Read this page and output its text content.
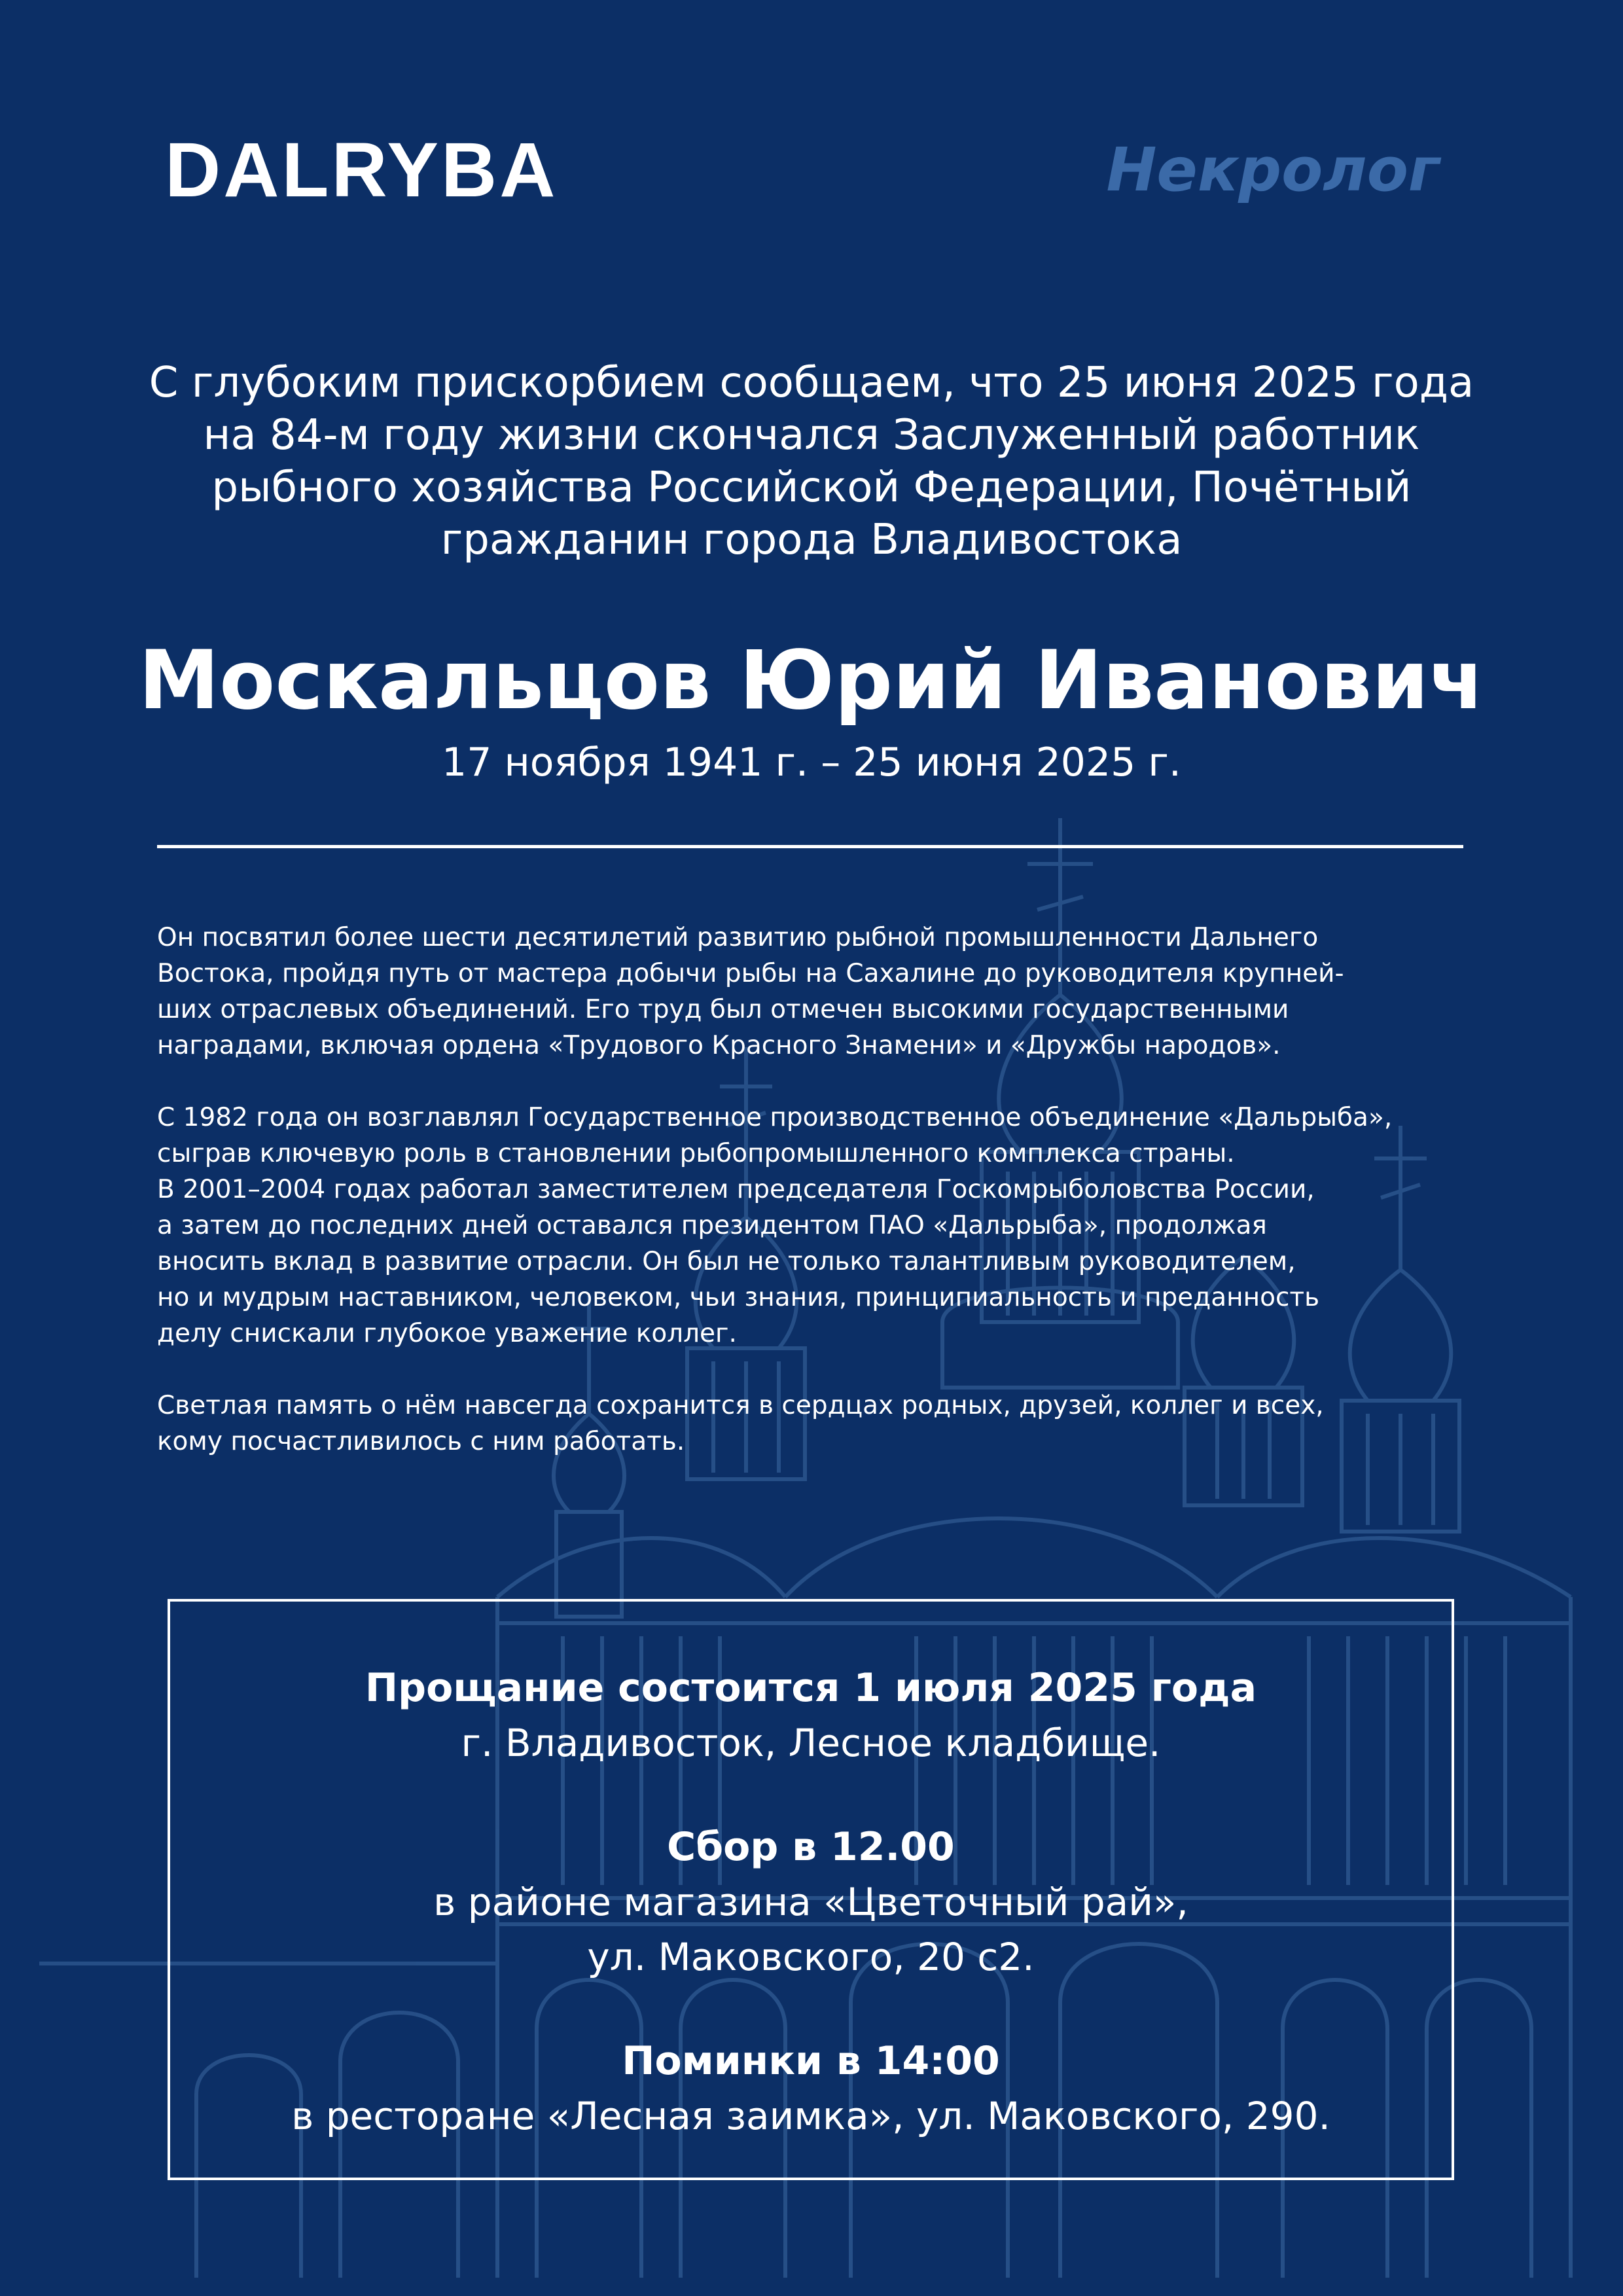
DALRYBA	Некролог
С глубоким прискорбием сообщаем, что 25 июня 2025 года
на 84-м году жизни скончался Заслуженный работник
рыбного хозяйства Российской Федерации, Почётный
гражданин города Владивостока
Москальцов Юрий Иванович
17 ноября 1941 г. – 25 июня 2025 г.

Он посвятил более шести десятилетий развитию рыбной промышленности Дальнего
Востока, пройдя путь от мастера добычи рыбы на Сахалине до руководителя крупней-
ших отраслевых объединений. Его труд был отмечен высокими государственными
наградами, включая ордена «Трудового Красного Знамени» и «Дружбы народов».

С 1982 года он возглавлял Государственное производственное объединение «Дальрыба»,
сыграв ключевую роль в становлении рыбопромышленного комплекса страны.
В 2001–2004 годах работал заместителем председателя Госкомрыболовства России,
а затем до последних дней оставался президентом ПАО «Дальрыба», продолжая
вносить вклад в развитие отрасли. Он был не только талантливым руководителем,
но и мудрым наставником, человеком, чьи знания, принципиальность и преданность
делу снискали глубокое уважение коллег.

Светлая память о нём навсегда сохранится в сердцах родных, друзей, коллег и всех,
кому посчастливилось с ним работать.

Прощание состоится 1 июля 2025 года
г. Владивосток, Лесное кладбище.
Сбор в 12.00
в районе магазина «Цветочный рай»,
ул. Маковского, 20 с2.
Поминки в 14:00
в ресторане «Лесная заимка», ул. Маковского, 290.
